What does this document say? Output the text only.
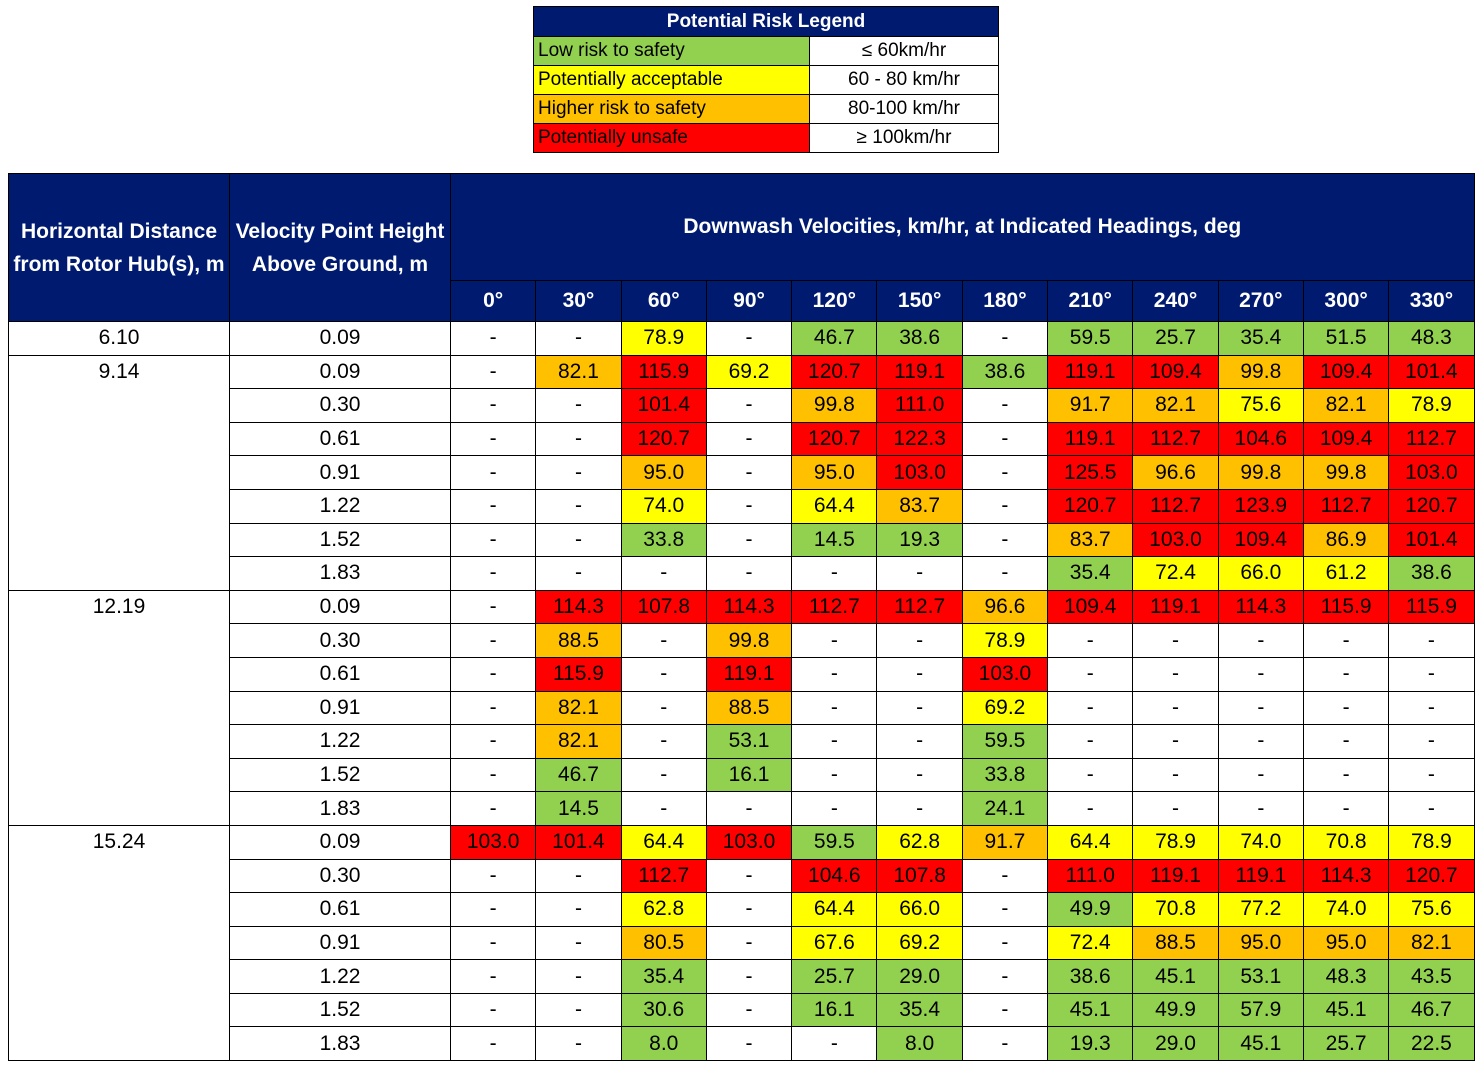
Potential Risk Legend	
Low risk to safety	≤ 60km/hr
Potentially acceptable	60 - 80 km/hr
Higher risk to safety	80-100 km/hr
Potentially unsafe	≥ 100km/hr
Horizontal Distance from Rotor Hub(s), m	Velocity Point Height Above Ground, m	Downwash Velocities, km/hr, at Indicated Headings, deg											
		0°	30°	60°	90°	120°	150°	180°	210°	240°	270°	300°	330°
6.10	0.09	-	-	78.9	-	46.7	38.6	-	59.5	25.7	35.4	51.5	48.3
9.14	0.09	-	82.1	115.9	69.2	120.7	119.1	38.6	119.1	109.4	99.8	109.4	101.4
	0.30	-	-	101.4	-	99.8	111.0	-	91.7	82.1	75.6	82.1	78.9
	0.61	-	-	120.7	-	120.7	122.3	-	119.1	112.7	104.6	109.4	112.7
	0.91	-	-	95.0	-	95.0	103.0	-	125.5	96.6	99.8	99.8	103.0
	1.22	-	-	74.0	-	64.4	83.7	-	120.7	112.7	123.9	112.7	120.7
	1.52	-	-	33.8	-	14.5	19.3	-	83.7	103.0	109.4	86.9	101.4
	1.83	-	-	-	-	-	-	-	35.4	72.4	66.0	61.2	38.6
12.19	0.09	-	114.3	107.8	114.3	112.7	112.7	96.6	109.4	119.1	114.3	115.9	115.9
	0.30	-	88.5	-	99.8	-	-	78.9	-	-	-	-	-
	0.61	-	115.9	-	119.1	-	-	103.0	-	-	-	-	-
	0.91	-	82.1	-	88.5	-	-	69.2	-	-	-	-	-
	1.22	-	82.1	-	53.1	-	-	59.5	-	-	-	-	-
	1.52	-	46.7	-	16.1	-	-	33.8	-	-	-	-	-
	1.83	-	14.5	-	-	-	-	24.1	-	-	-	-	-
15.24	0.09	103.0	101.4	64.4	103.0	59.5	62.8	91.7	64.4	78.9	74.0	70.8	78.9
	0.30	-	-	112.7	-	104.6	107.8	-	111.0	119.1	119.1	114.3	120.7
	0.61	-	-	62.8	-	64.4	66.0	-	49.9	70.8	77.2	74.0	75.6
	0.91	-	-	80.5	-	67.6	69.2	-	72.4	88.5	95.0	95.0	82.1
	1.22	-	-	35.4	-	25.7	29.0	-	38.6	45.1	53.1	48.3	43.5
	1.52	-	-	30.6	-	16.1	35.4	-	45.1	49.9	57.9	45.1	46.7
	1.83	-	-	8.0	-	-	8.0	-	19.3	29.0	45.1	25.7	22.5
